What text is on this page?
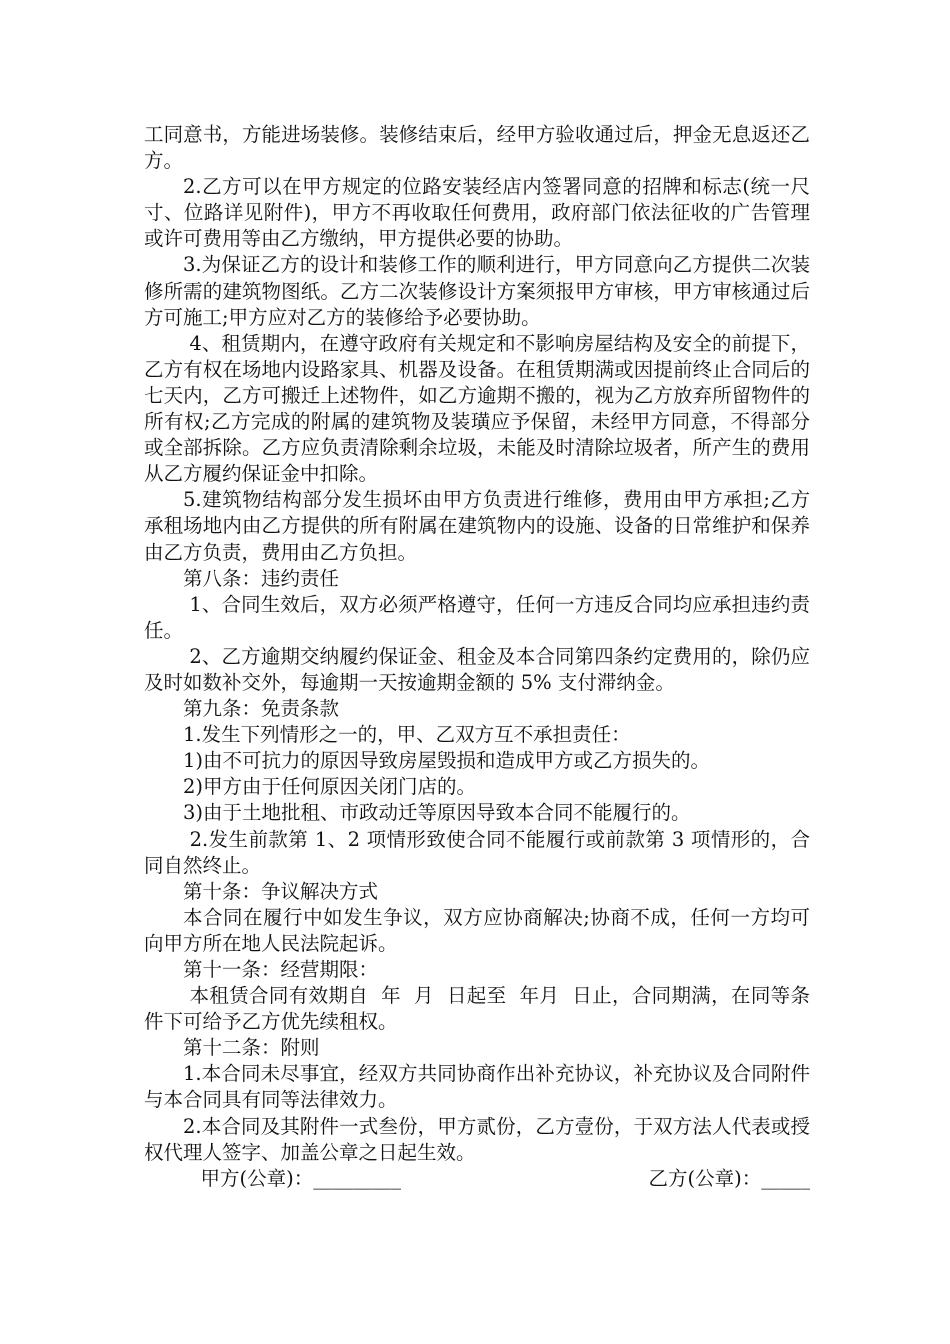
工同意书，方能进场装修。装修结束后，经甲方验收通过后，押金无息返还乙方。

2.乙方可以在甲方规定的位路安装经店内签署同意的招牌和标志(统一尺寸、位路详见附件)，甲方不再收取任何费用，政府部门依法征收的广告管理或许可费用等由乙方缴纳，甲方提供必要的协助。

3.为保证乙方的设计和装修工作的顺利进行，甲方同意向乙方提供二次装修所需的建筑物图纸。乙方二次装修设计方案须报甲方审核，甲方审核通过后方可施工;甲方应对乙方的装修给予必要协助。

4、租赁期内，在遵守政府有关规定和不影响房屋结构及安全的前提下，乙方有权在场地内设路家具、机器及设备。在租赁期满或因提前终止合同后的七天内，乙方可搬迁上述物件，如乙方逾期不搬的，视为乙方放弃所留物件的所有权;乙方完成的附属的建筑物及装璜应予保留，未经甲方同意，不得部分或全部拆除。乙方应负责清除剩余垃圾，未能及时清除垃圾者，所产生的费用从乙方履约保证金中扣除。

5.建筑物结构部分发生损坏由甲方负责进行维修，费用由甲方承担;乙方承租场地内由乙方提供的所有附属在建筑物内的设施、设备的日常维护和保养由乙方负责，费用由乙方负担。

第八条：违约责任

1、合同生效后，双方必须严格遵守，任何一方违反合同均应承担违约责任。

2、乙方逾期交纳履约保证金、租金及本合同第四条约定费用的，除仍应及时如数补交外，每逾期一天按逾期金额的 5% 支付滞纳金。

第九条：免责条款

1.发生下列情形之一的，甲、乙双方互不承担责任：

1)由不可抗力的原因导致房屋毁损和造成甲方或乙方损失的。

2)甲方由于任何原因关闭门店的。

3)由于土地批租、市政动迁等原因导致本合同不能履行的。

2.发生前款第 1、2 项情形致使合同不能履行或前款第 3 项情形的，合同自然终止。

第十条：争议解决方式

本合同在履行中如发生争议，双方应协商解决;协商不成，任何一方均可向甲方所在地人民法院起诉。

第十一条：经营期限：

本租赁合同有效期自  年  月  日起至  年月  日止，合同期满，在同等条件下可给予乙方优先续租权。

第十二条：附则

1.本合同未尽事宜，经双方共同协商作出补充协议，补充协议及合同附件与本合同具有同等法律效力。

2.本合同及其附件一式叁份，甲方贰份，乙方壹份，于双方法人代表或授权代理人签字、加盖公章之日起生效。

甲方(公章)：_________	乙方(公章)：_____
